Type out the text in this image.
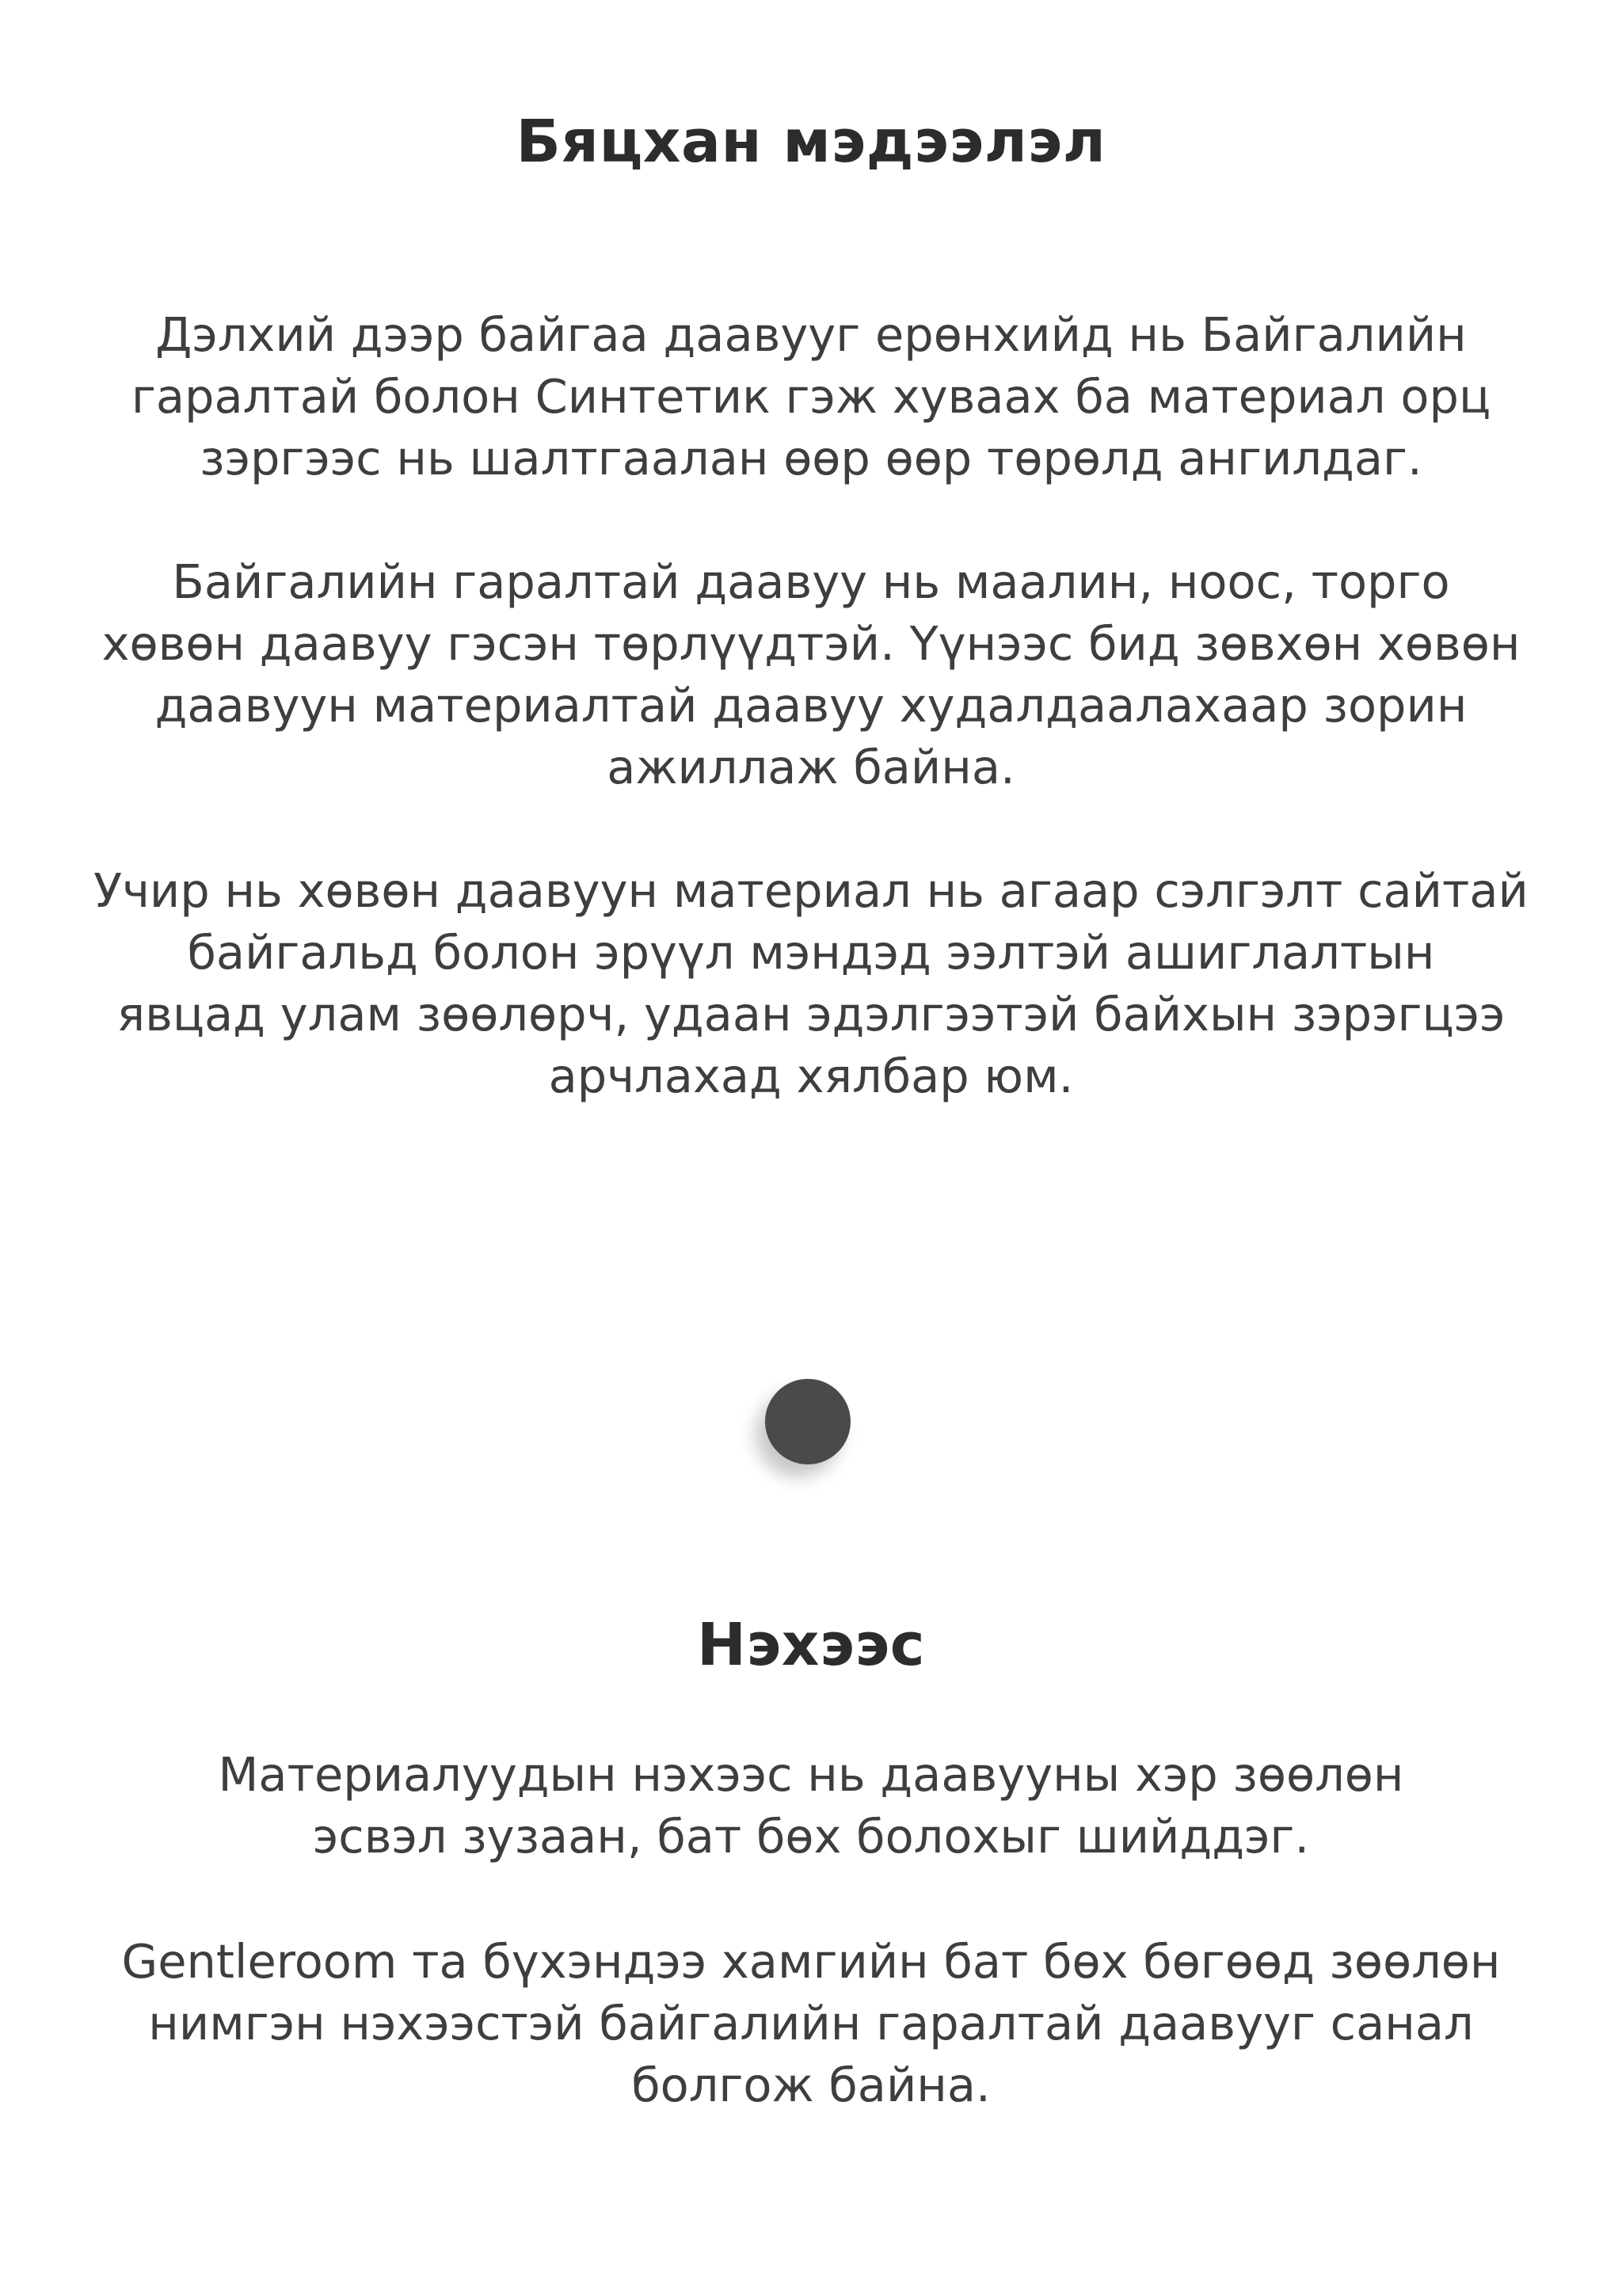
Бяцхан мэдээлэл

Дэлхий дээр байгаа даавууг ерөнхийд нь Байгалийн
гаралтай болон Синтетик гэж хуваах ба материал орц
зэргээс нь шалтгаалан өөр өөр төрөлд ангилдаг.

Байгалийн гаралтай даавуу нь маалин, ноос, торго
хөвөн даавуу гэсэн төрлүүдтэй. Үүнээс бид зөвхөн хөвөн
даавуун материалтай даавуу худалдаалахаар зорин
ажиллаж байна.

Учир нь хөвөн даавуун материал нь агаар сэлгэлт сайтай
байгальд болон эрүүл мэндэд ээлтэй ашиглалтын
явцад улам зөөлөрч, удаан эдэлгээтэй байхын зэрэгцээ
арчлахад хялбар юм.

Нэхээс

Материалуудын нэхээс нь даавууны хэр зөөлөн
эсвэл зузаан, бат бөх болохыг шийддэг.

Gentleroom та бүхэндээ хамгийн бат бөх бөгөөд зөөлөн
нимгэн нэхээстэй байгалийн гаралтай даавууг санал
болгож байна.
